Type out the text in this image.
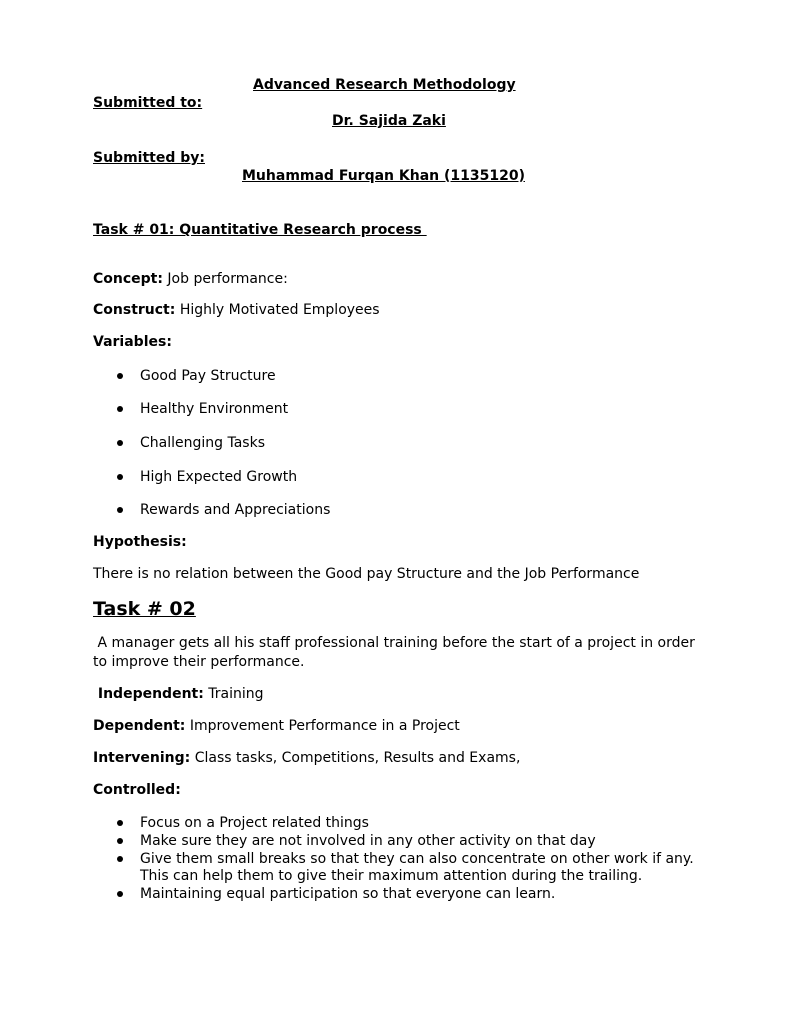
Advanced Research Methodology
Submitted to:
Dr. Sajida Zaki
Submitted by:
Muhammad Furqan Khan (1135120)
Task # 01: Quantitative Research process
Concept: Job performance:
Construct: Highly Motivated Employees
Variables:
Good Pay Structure
Healthy Environment
Challenging Tasks
High Expected Growth
Rewards and Appreciations
Hypothesis:
There is no relation between the Good pay Structure and the Job Performance
Task # 02
A manager gets all his staff professional training before the start of a project in order
to improve their performance.
Independent: Training
Dependent: Improvement Performance in a Project
Intervening: Class tasks, Competitions, Results and Exams,
Controlled:
Focus on a Project related things
Make sure they are not involved in any other activity on that day
Give them small breaks so that they can also concentrate on other work if any.
This can help them to give their maximum attention during the trailing.
Maintaining equal participation so that everyone can learn.
